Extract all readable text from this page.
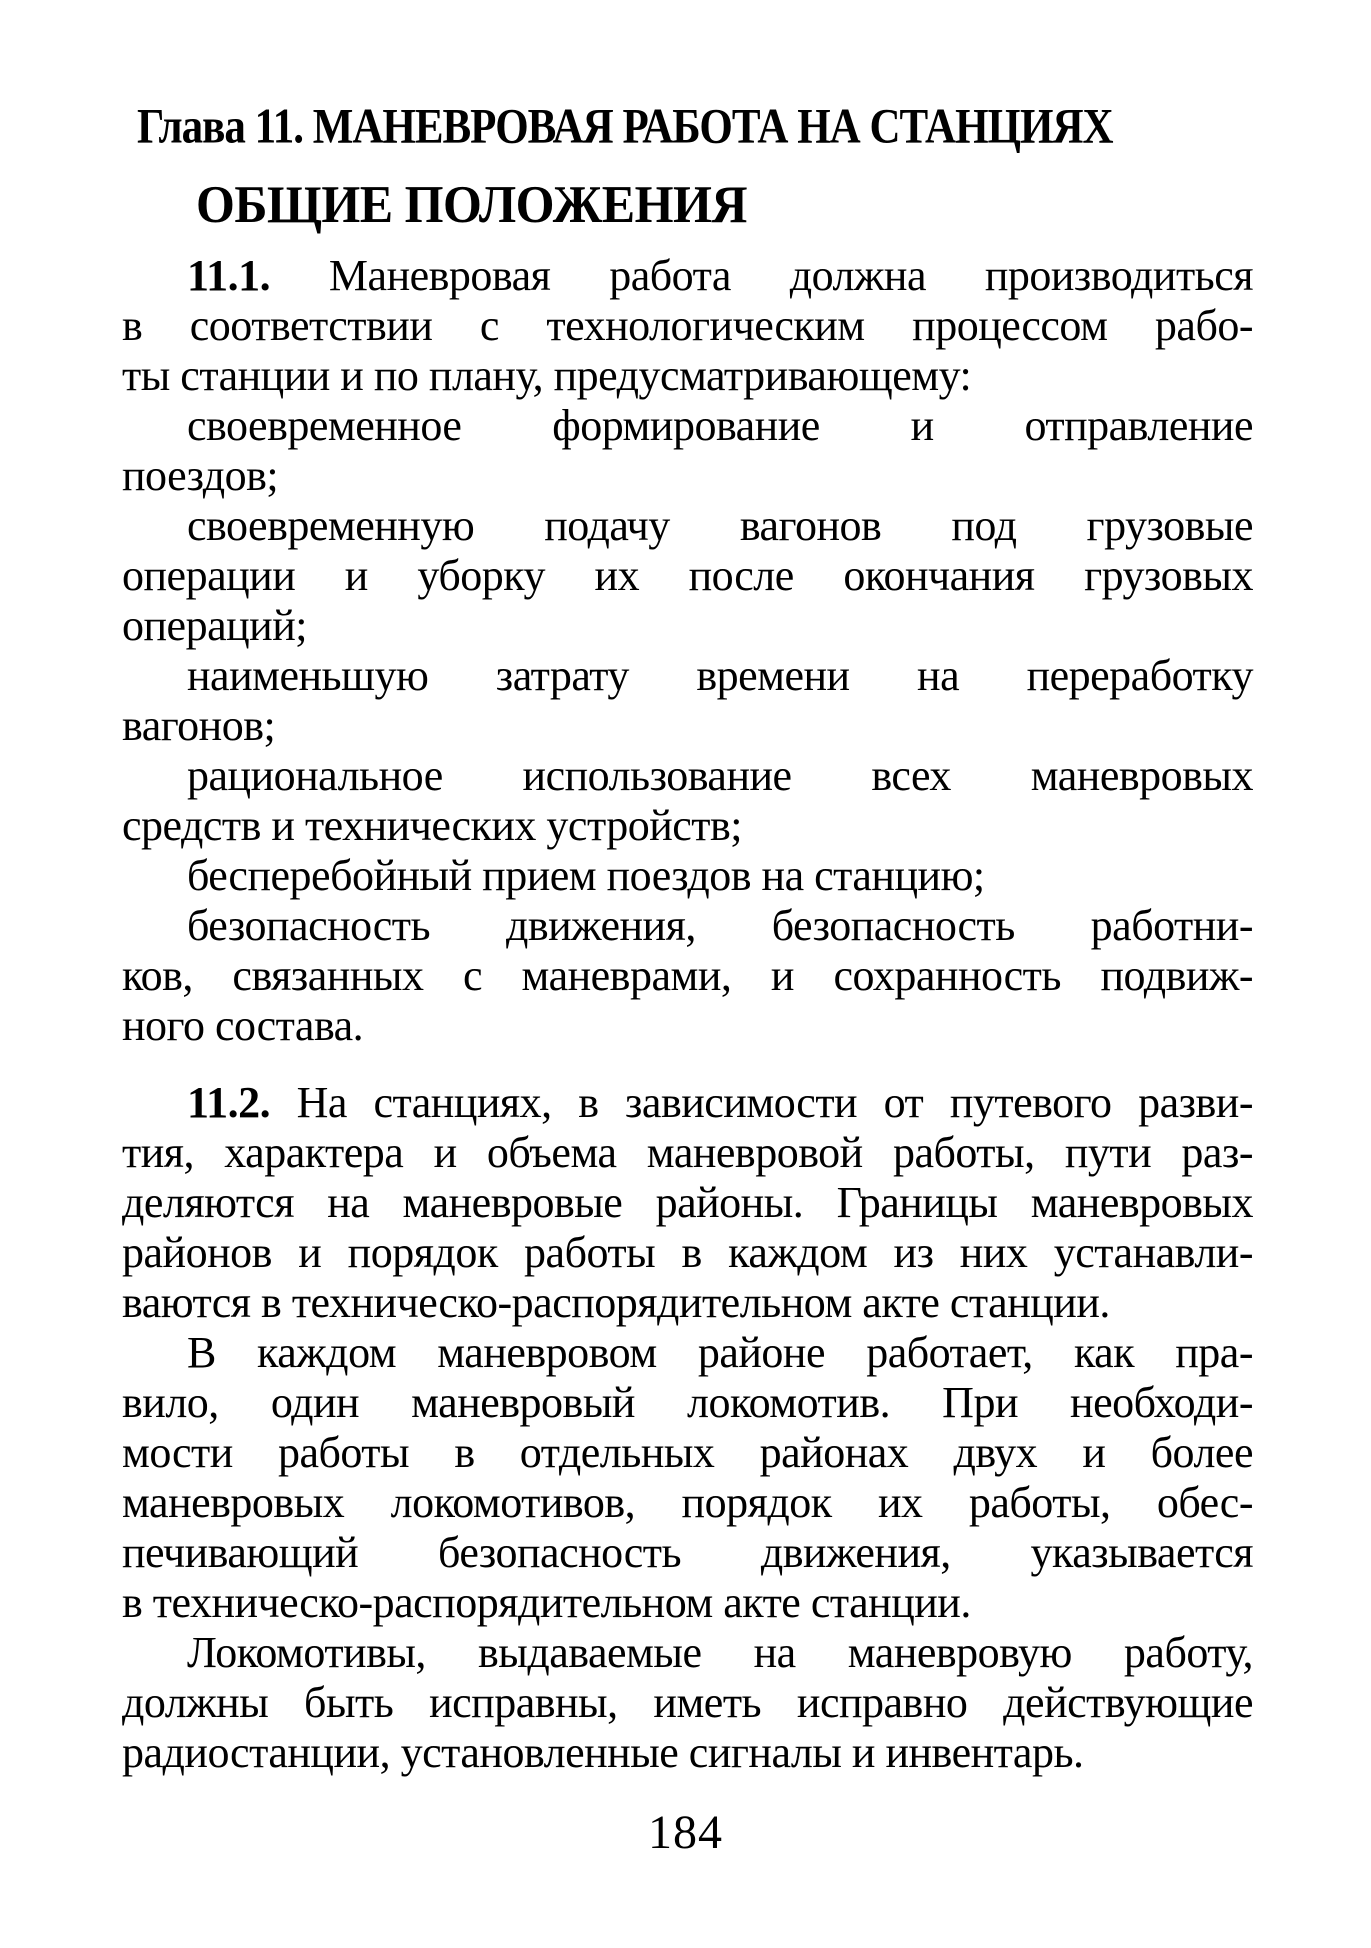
Глава 11. МАНЕВРОВАЯ РАБОТА НА СТАНЦИЯХ
ОБЩИЕ ПОЛОЖЕНИЯ
11.1. Маневровая работа должна производиться
в соответствии с технологическим процессом рабо-
ты станции и по плану, предусматривающему:
своевременное формирование и отправление
поездов;
своевременную подачу вагонов под грузовые
операции и уборку их после окончания грузовых
операций;
наименьшую затрату времени на переработку
вагонов;
рациональное использование всех маневровых
средств и технических устройств;
бесперебойный прием поездов на станцию;
безопасность движения, безопасность работни-
ков, связанных с маневрами, и сохранность подвиж-
ного состава.
11.2. На станциях, в зависимости от путевого разви-
тия, характера и объема маневровой работы, пути раз-
деляются на маневровые районы. Границы маневровых
районов и порядок работы в каждом из них устанавли-
ваются в техническо-распорядительном акте станции.
В каждом маневровом районе работает, как пра-
вило, один маневровый локомотив. При необходи-
мости работы в отдельных районах двух и более
маневровых локомотивов, порядок их работы, обес-
печивающий безопасность движения, указывается
в техническо-распорядительном акте станции.
Локомотивы, выдаваемые на маневровую работу,
должны быть исправны, иметь исправно действующие
радиостанции, установленные сигналы и инвентарь.
184
